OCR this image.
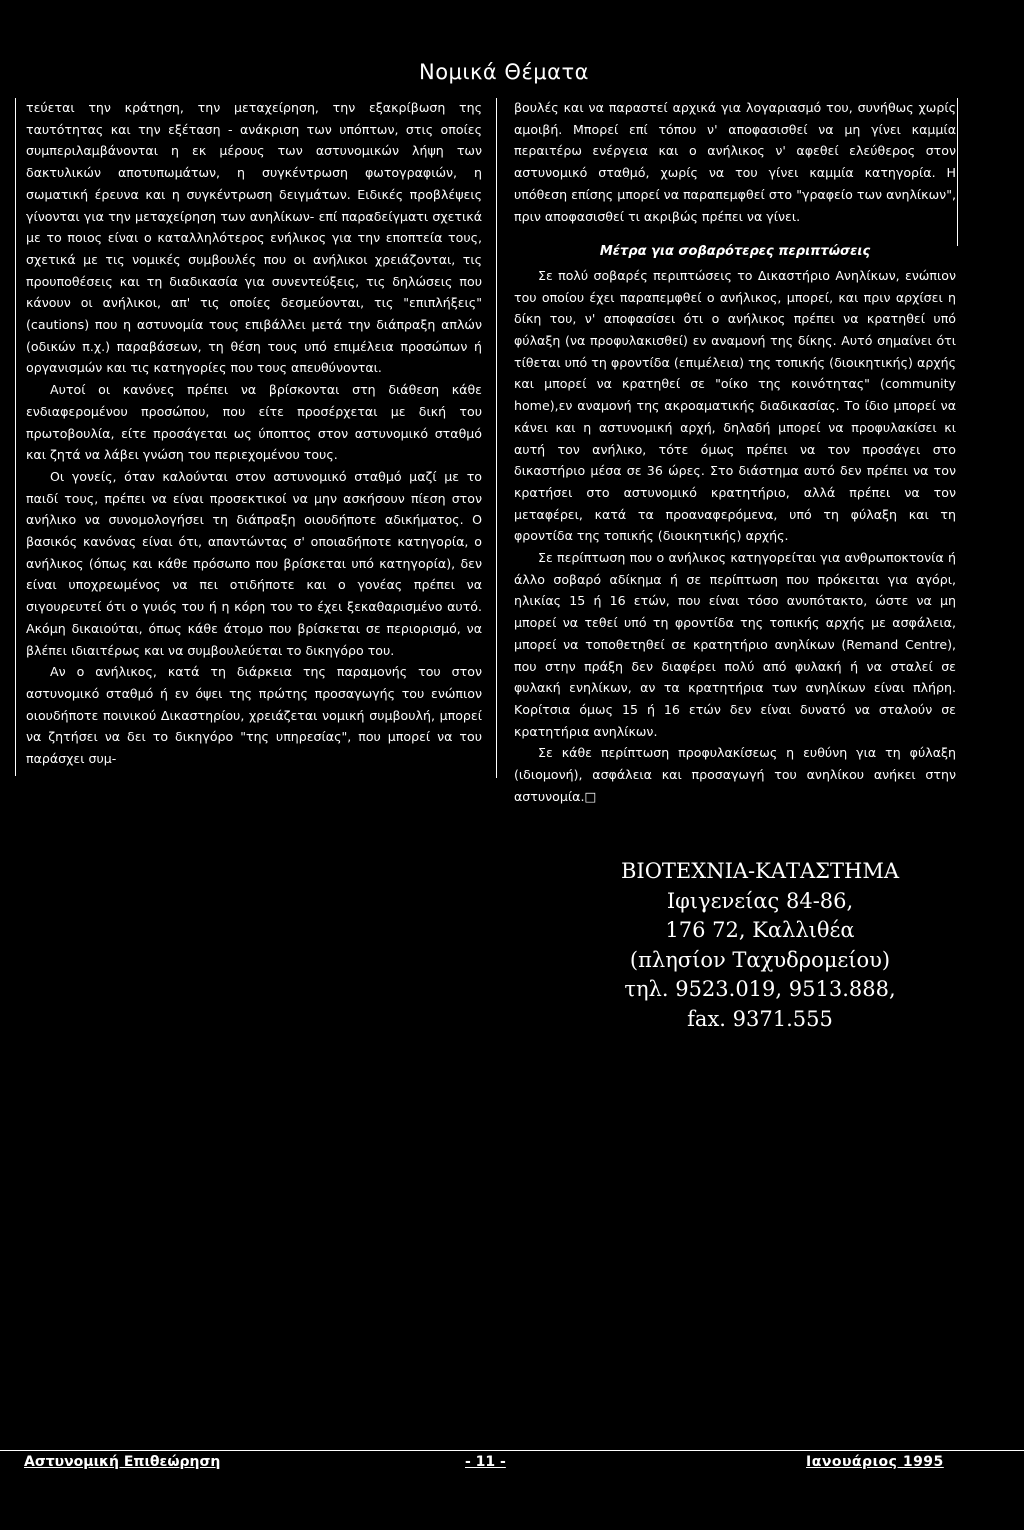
Νομικά Θέματα

τεύεται την κράτηση, την μεταχείρηση, την εξακρίβωση της ταυτότητας και την εξέταση - ανάκριση των υπόπτων, στις οποίες συμπεριλαμβάνονται η εκ μέρους των αστυνομικών λήψη των δακτυλικών αποτυπωμάτων, η συγκέντρωση φωτογραφιών, η σωματική έρευνα και η συγκέντρωση δειγμάτων. Ειδικές προβλέψεις γίνονται για την μεταχείρηση των ανηλίκων- επί παραδείγματι σχετικά με το ποιος είναι ο καταλληλότερος ενήλικος για την εποπτεία τους, σχετικά με τις νομικές συμβουλές που οι ανήλικοι χρειάζονται, τις προυποθέσεις και τη διαδικασία για συνεντεύξεις, τις δηλώσεις που κάνουν οι ανήλικοι, απ' τις οποίες δεσμεύονται, τις "επιπλήξεις" (cautions) που η αστυνομία τους επιβάλλει μετά την διάπραξη απλών (οδικών π.χ.) παραβάσεων, τη θέση τους υπό επιμέλεια προσώπων ή οργανισμών και τις κατηγορίες που τους απευθύνονται.

Αυτοί οι κανόνες πρέπει να βρίσκονται στη διάθεση κάθε ενδιαφερομένου προσώπου, που είτε προσέρχεται με δική του πρωτοβουλία, είτε προσάγεται ως ύποπτος στον αστυνομικό σταθμό και ζητά να λάβει γνώση του περιεχομένου τους.

Οι γονείς, όταν καλούνται στον αστυνομικό σταθμό μαζί με το παιδί τους, πρέπει να είναι προσεκτικοί να μην ασκήσουν πίεση στον ανήλικο να συνομολογήσει τη διάπραξη οιουδήποτε αδικήματος. Ο βασικός κανόνας είναι ότι, απαντώντας σ' οποιαδήποτε κατηγορία, ο ανήλικος (όπως και κάθε πρόσωπο που βρίσκεται υπό κατηγορία), δεν είναι υποχρεωμένος να πει οτιδήποτε και ο γονέας πρέπει να σιγουρευτεί ότι ο γυιός του ή η κόρη του το έχει ξεκαθαρισμένο αυτό. Ακόμη δικαιούται, όπως κάθε άτομο που βρίσκεται σε περιορισμό, να βλέπει ιδιαιτέρως και να συμβουλεύεται το δικηγόρο του.

Αν ο ανήλικος, κατά τη διάρκεια της παραμονής του στον αστυνομικό σταθμό ή εν όψει της πρώτης προσαγωγής του ενώπιον οιουδήποτε ποινικού Δικαστηρίου, χρειάζεται νομική συμβουλή, μπορεί να ζητήσει να δει το δικηγόρο "της υπηρεσίας", που μπορεί να του παράσχει συμ-

βουλές και να παραστεί αρχικά για λογαριασμό του, συνήθως χωρίς αμοιβή. Μπορεί επί τόπου ν' αποφασισθεί να μη γίνει καμμία περαιτέρω ενέργεια και ο ανήλικος ν' αφεθεί ελεύθερος στον αστυνομικό σταθμό, χωρίς να του γίνει καμμία κατηγορία. Η υπόθεση επίσης μπορεί να παραπεμφθεί στο "γραφείο των ανηλίκων", πριν αποφασισθεί τι ακριβώς πρέπει να γίνει.

Μέτρα για σοβαρότερες περιπτώσεις

Σε πολύ σοβαρές περιπτώσεις το Δικαστήριο Ανηλίκων, ενώπιον του οποίου έχει παραπεμφθεί ο ανήλικος, μπορεί, και πριν αρχίσει η δίκη του, ν' αποφασίσει ότι ο ανήλικος πρέπει να κρατηθεί υπό φύλαξη (να προφυλακισθεί) εν αναμονή της δίκης. Αυτό σημαίνει ότι τίθεται υπό τη φροντίδα (επιμέλεια) της τοπικής (διοικητικής) αρχής και μπορεί να κρατηθεί σε "οίκο της κοινότητας" (community home),εν αναμονή της ακροαματικής διαδικασίας. Το ίδιο μπορεί να κάνει και η αστυνομική αρχή, δηλαδή μπορεί να προφυλακίσει κι αυτή τον ανήλικο, τότε όμως πρέπει να τον προσάγει στο δικαστήριο μέσα σε 36 ώρες. Στο διάστημα αυτό δεν πρέπει να τον κρατήσει στο αστυνομικό κρατητήριο, αλλά πρέπει να τον μεταφέρει, κατά τα προαναφερόμενα, υπό τη φύλαξη και τη φροντίδα της τοπικής (διοικητικής) αρχής.

Σε περίπτωση που ο ανήλικος κατηγορείται για ανθρωποκτονία ή άλλο σοβαρό αδίκημα ή σε περίπτωση που πρόκειται για αγόρι, ηλικίας 15 ή 16 ετών, που είναι τόσο ανυπότακτο, ώστε να μη μπορεί να τεθεί υπό τη φροντίδα της τοπικής αρχής με ασφάλεια, μπορεί να τοποθετηθεί σε κρατητήριο ανηλίκων (Remand Centre), που στην πράξη δεν διαφέρει πολύ από φυλακή ή να σταλεί σε φυλακή ενηλίκων, αν τα κρατητήρια των ανηλίκων είναι πλήρη. Κορίτσια όμως 15 ή 16 ετών δεν είναι δυνατό να σταλούν σε κρατητήρια ανηλίκων.

Σε κάθε περίπτωση προφυλακίσεως η ευθύνη για τη φύλαξη (ιδιομονή), ασφάλεια και προσαγωγή του ανηλίκου ανήκει στην αστυνομία.□

ΒΙΟΤΕΧΝΙΑ-ΚΑΤΑΣΤΗΜΑ
Ιφιγενείας 84-86,
176 72, Καλλιθέα
(πλησίον Ταχυδρομείου)
τηλ. 9523.019, 9513.888,
fax. 9371.555
Αστυνομική Επιθεώρηση	- 11 -	Ιανουάριος 1995
